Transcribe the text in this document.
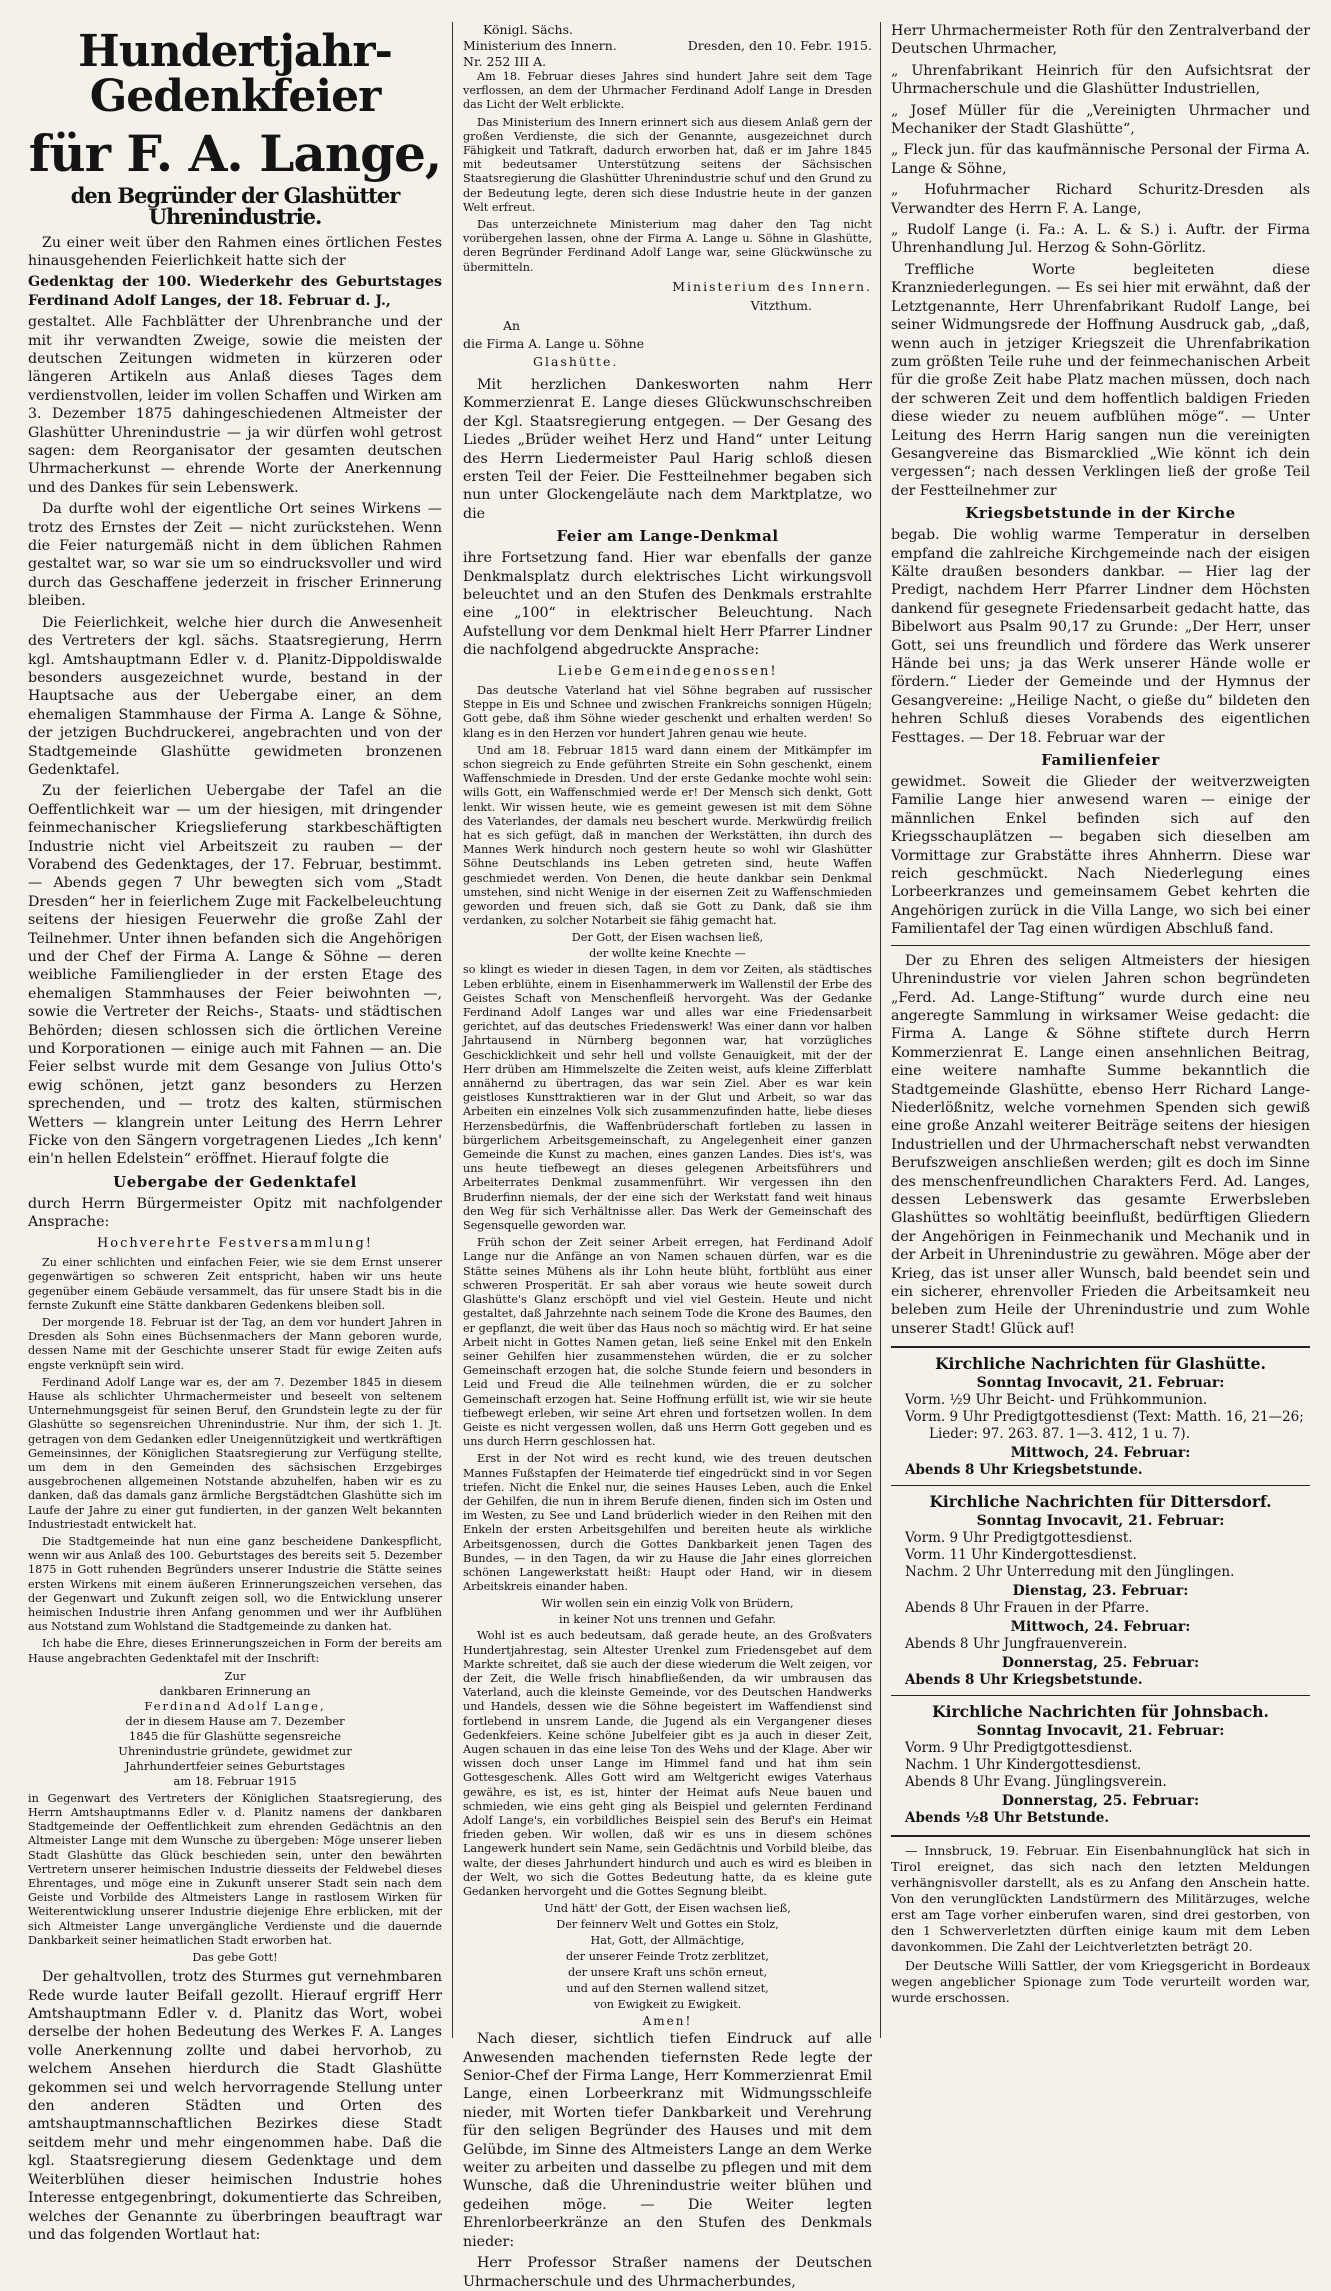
Hundertjahr-Gedenkfeier
für F. A. Lange,
den Begründer der Glashütter Uhrenindustrie.

Zu einer weit über den Rahmen eines örtlichen Festes hinausgehenden Feierlichkeit hatte sich der

Gedenktag der 100. Wiederkehr des Geburtstages Ferdinand Adolf Langes, der 18. Februar d. J.,

gestaltet. Alle Fachblätter der Uhrenbranche und der mit ihr verwandten Zweige, sowie die meisten der deutschen Zeitungen widmeten in kürzeren oder längeren Artikeln aus Anlaß dieses Tages dem verdienstvollen, leider im vollen Schaffen und Wirken am 3. Dezember 1875 dahingeschiedenen Altmeister der Glashütter Uhrenindustrie — ja wir dürfen wohl getrost sagen: dem Reorganisator der gesamten deutschen Uhrmacherkunst — ehrende Worte der Anerkennung und des Dankes für sein Lebenswerk.

Da durfte wohl der eigentliche Ort seines Wirkens — trotz des Ernstes der Zeit — nicht zurückstehen. Wenn die Feier naturgemäß nicht in dem üblichen Rahmen gestaltet war, so war sie um so eindrucksvoller und wird durch das Geschaffene jederzeit in frischer Erinnerung bleiben.

Die Feierlichkeit, welche hier durch die Anwesenheit des Vertreters der kgl. sächs. Staatsregierung, Herrn kgl. Amtshauptmann Edler v. d. Planitz-Dippoldiswalde besonders ausgezeichnet wurde, bestand in der Hauptsache aus der Uebergabe einer, an dem ehemaligen Stammhause der Firma A. Lange & Söhne, der jetzigen Buchdruckerei, angebrachten und von der Stadtgemeinde Glashütte gewidmeten bronzenen Gedenktafel.

Zu der feierlichen Uebergabe der Tafel an die Oeffentlichkeit war — um der hiesigen, mit dringender feinmechanischer Kriegslieferung starkbeschäftigten Industrie nicht viel Arbeitszeit zu rauben — der Vorabend des Gedenktages, der 17. Februar, bestimmt. — Abends gegen 7 Uhr bewegten sich vom „Stadt Dresden“ her in feierlichem Zuge mit Fackelbeleuchtung seitens der hiesigen Feuerwehr die große Zahl der Teilnehmer. Unter ihnen befanden sich die Angehörigen und der Chef der Firma A. Lange & Söhne — deren weibliche Familienglieder in der ersten Etage des ehemaligen Stammhauses der Feier beiwohnten —, sowie die Vertreter der Reichs-, Staats- und städtischen Behörden; diesen schlossen sich die örtlichen Vereine und Korporationen — einige auch mit Fahnen — an. Die Feier selbst wurde mit dem Gesange von Julius Otto's ewig schönen, jetzt ganz besonders zu Herzen sprechenden, und — trotz des kalten, stürmischen Wetters — klangrein unter Leitung des Herrn Lehrer Ficke von den Sängern vorgetragenen Liedes „Ich kenn' ein'n hellen Edelstein“ eröffnet. Hierauf folgte die

Uebergabe der Gedenktafel

durch Herrn Bürgermeister Opitz mit nachfolgender Ansprache:

Hochverehrte Festversammlung!

Zu einer schlichten und einfachen Feier, wie sie dem Ernst unserer gegenwärtigen so schweren Zeit entspricht, haben wir uns heute gegenüber einem Gebäude versammelt, das für unsere Stadt bis in die fernste Zukunft eine Stätte dankbaren Gedenkens bleiben soll.

Der morgende 18. Februar ist der Tag, an dem vor hundert Jahren in Dresden als Sohn eines Büchsenmachers der Mann geboren wurde, dessen Name mit der Geschichte unserer Stadt für ewige Zeiten aufs engste verknüpft sein wird.

Ferdinand Adolf Lange war es, der am 7. Dezember 1845 in diesem Hause als schlichter Uhrmachermeister und beseelt von seltenem Unternehmungsgeist für seinen Beruf, den Grundstein legte zu der für Glashütte so segensreichen Uhrenindustrie. Nur ihm, der sich 1. Jt. getragen von dem Gedanken edler Uneigennützigkeit und wertkräftigen Gemeinsinnes, der Königlichen Staatsregierung zur Verfügung stellte, um dem in den Gemeinden des sächsischen Erzgebirges ausgebrochenen allgemeinen Notstande abzuhelfen, haben wir es zu danken, daß das damals ganz ärmliche Bergstädtchen Glashütte sich im Laufe der Jahre zu einer gut fundierten, in der ganzen Welt bekannten Industriestadt entwickelt hat.

Die Stadtgemeinde hat nun eine ganz bescheidene Dankespflicht, wenn wir aus Anlaß des 100. Geburtstages des bereits seit 5. Dezember 1875 in Gott ruhenden Begründers unserer Industrie die Stätte seines ersten Wirkens mit einem äußeren Erinnerungszeichen versehen, das der Gegenwart und Zukunft zeigen soll, wo die Entwicklung unserer heimischen Industrie ihren Anfang genommen und wer ihr Aufblühen aus Notstand zum Wohlstand die Stadtgemeinde zu danken hat.

Ich habe die Ehre, dieses Erinnerungszeichen in Form der bereits am Hause angebrachten Gedenktafel mit der Inschrift:

Zur

dankbaren Erinnerung an

Ferdinand Adolf Lange,

der in diesem Hause am 7. Dezember

1845 die für Glashütte segensreiche

Uhrenindustrie gründete, gewidmet zur

Jahrhundertfeier seines Geburtstages

am 18. Februar 1915

in Gegenwart des Vertreters der Königlichen Staatsregierung, des Herrn Amtshauptmanns Edler v. d. Planitz namens der dankbaren Stadtgemeinde der Oeffentlichkeit zum ehrenden Gedächtnis an den Altmeister Lange mit dem Wunsche zu übergeben: Möge unserer lieben Stadt Glashütte das Glück beschieden sein, unter den bewährten Vertretern unserer heimischen Industrie diesseits der Feldwebel dieses Ehrentages, und möge eine in Zukunft unserer Stadt sein nach dem Geiste und Vorbilde des Altmeisters Lange in rastlosem Wirken für Weiterentwicklung unserer Industrie diejenige Ehre erblicken, mit der sich Altmeister Lange unvergängliche Verdienste und die dauernde Dankbarkeit seiner heimatlichen Stadt erworben hat.

Das gebe Gott!

Der gehaltvollen, trotz des Sturmes gut vernehmbaren Rede wurde lauter Beifall gezollt. Hierauf ergriff Herr Amtshauptmann Edler v. d. Planitz das Wort, wobei derselbe der hohen Bedeutung des Werkes F. A. Langes volle Anerkennung zollte und dabei hervorhob, zu welchem Ansehen hierdurch die Stadt Glashütte gekommen sei und welch hervorragende Stellung unter den anderen Städten und Orten des amtshauptmannschaftlichen Bezirkes diese Stadt seitdem mehr und mehr eingenommen habe. Daß die kgl. Staatsregierung diesem Gedenktage und dem Weiterblühen dieser heimischen Industrie hohes Interesse entgegenbringt, dokumentierte das Schreiben, welches der Genannte zu überbringen beauftragt war und das folgenden Wortlaut hat:

Königl. Sächs.
Ministerium des Innern.	Dresden, den 10. Febr. 1915.
Nr. 252 III A.

Am 18. Februar dieses Jahres sind hundert Jahre seit dem Tage verflossen, an dem der Uhrmacher Ferdinand Adolf Lange in Dresden das Licht der Welt erblickte.

Das Ministerium des Innern erinnert sich aus diesem Anlaß gern der großen Verdienste, die sich der Genannte, ausgezeichnet durch Fähigkeit und Tatkraft, dadurch erworben hat, daß er im Jahre 1845 mit bedeutsamer Unterstützung seitens der Sächsischen Staatsregierung die Glashütter Uhrenindustrie schuf und den Grund zu der Bedeutung legte, deren sich diese Industrie heute in der ganzen Welt erfreut.

Das unterzeichnete Ministerium mag daher den Tag nicht vorübergehen lassen, ohne der Firma A. Lange u. Söhne in Glashütte, deren Begründer Ferdinand Adolf Lange war, seine Glückwünsche zu übermitteln.

Ministerium des Innern.

Vitzthum.

An

die Firma A. Lange u. Söhne

Glashütte.

Mit herzlichen Dankesworten nahm Herr Kommerzienrat E. Lange dieses Glückwunschschreiben der Kgl. Staatsregierung entgegen. — Der Gesang des Liedes „Brüder weihet Herz und Hand“ unter Leitung des Herrn Liedermeister Paul Harig schloß diesen ersten Teil der Feier. Die Festteilnehmer begaben sich nun unter Glockengeläute nach dem Marktplatze, wo die

Feier am Lange-Denkmal

ihre Fortsetzung fand. Hier war ebenfalls der ganze Denkmalsplatz durch elektrisches Licht wirkungsvoll beleuchtet und an den Stufen des Denkmals erstrahlte eine „100“ in elektrischer Beleuchtung. Nach Aufstellung vor dem Denkmal hielt Herr Pfarrer Lindner die nachfolgend abgedruckte Ansprache:

Liebe Gemeindegenossen!

Das deutsche Vaterland hat viel Söhne begraben auf russischer Steppe in Eis und Schnee und zwischen Frankreichs sonnigen Hügeln; Gott gebe, daß ihm Söhne wieder geschenkt und erhalten werden! So klang es in den Herzen vor hundert Jahren genau wie heute.

Und am 18. Februar 1815 ward dann einem der Mitkämpfer im schon siegreich zu Ende geführten Streite ein Sohn geschenkt, einem Waffenschmiede in Dresden. Und der erste Gedanke mochte wohl sein: wills Gott, ein Waffenschmied werde er! Der Mensch sich denkt, Gott lenkt. Wir wissen heute, wie es gemeint gewesen ist mit dem Söhne des Vaterlandes, der damals neu beschert wurde. Merkwürdig freilich hat es sich gefügt, daß in manchen der Werkstätten, ihn durch des Mannes Werk hindurch noch gestern heute so wohl wir Glashütter Söhne Deutschlands ins Leben getreten sind, heute Waffen geschmiedet werden. Von Denen, die heute dankbar sein Denkmal umstehen, sind nicht Wenige in der eisernen Zeit zu Waffenschmieden geworden und freuen sich, daß sie Gott zu Dank, daß sie ihm verdanken, zu solcher Notarbeit sie fähig gemacht hat.

Der Gott, der Eisen wachsen ließ,

der wollte keine Knechte —

so klingt es wieder in diesen Tagen, in dem vor Zeiten, als städtisches Leben erblühte, einem in Eisenhammerwerk im Wallenstil der Erbe des Geistes Schaft von Menschenfleiß hervorgeht. Was der Gedanke Ferdinand Adolf Langes war und alles war eine Friedensarbeit gerichtet, auf das deutsches Friedenswerk! Was einer dann vor halben Jahrtausend in Nürnberg begonnen war, hat vorzügliches Geschicklichkeit und sehr hell und vollste Genauigkeit, mit der der Herr drüben am Himmelszelte die Zeiten weist, aufs kleine Zifferblatt annähernd zu übertragen, das war sein Ziel. Aber es war kein geistloses Kunsttraktieren war in der Glut und Arbeit, so war das Arbeiten ein einzelnes Volk sich zusammenzufinden hatte, liebe dieses Herzensbedürfnis, die Waffenbrüderschaft fortleben zu lassen in bürgerlichem Arbeitsgemeinschaft, zu Angelegenheit einer ganzen Gemeinde die Kunst zu machen, eines ganzen Landes. Dies ist's, was uns heute tiefbewegt an dieses gelegenen Arbeitsführers und Arbeiterrates Denkmal zusammenführt. Wir vergessen ihn den Bruderfinn niemals, der der eine sich der Werkstatt fand weit hinaus den Weg für sich Verhältnisse aller. Das Werk der Gemeinschaft des Segensquelle geworden war.

Früh schon der Zeit seiner Arbeit erregen, hat Ferdinand Adolf Lange nur die Anfänge an von Namen schauen dürfen, war es die Stätte seines Mühens als ihr Lohn heute blüht, fortblüht aus einer schweren Prosperität. Er sah aber voraus wie heute soweit durch Glashütte's Glanz erschöpft und viel viel Gestein. Heute und nicht gestaltet, daß Jahrzehnte nach seinem Tode die Krone des Baumes, den er gepflanzt, die weit über das Haus noch so mächtig wird. Er hat seine Arbeit nicht in Gottes Namen getan, ließ seine Enkel mit den Enkeln seiner Gehilfen hier zusammenstehen würden, die er zu solcher Gemeinschaft erzogen hat, die solche Stunde feiern und besonders in Leid und Freud die Alle teilnehmen würden, die er zu solcher Gemeinschaft erzogen hat. Seine Hoffnung erfüllt ist, wie wir sie heute tiefbewegt erleben, wir seine Art ehren und fortsetzen wollen. In dem Geiste es nicht vergessen wollen, daß uns Herrn Gott gegeben und es uns durch Herrn geschlossen hat.

Erst in der Not wird es recht kund, wie des treuen deutschen Mannes Fußstapfen der Heimaterde tief eingedrückt sind in vor Segen triefen. Nicht die Enkel nur, die seines Hauses Leben, auch die Enkel der Gehilfen, die nun in ihrem Berufe dienen, finden sich im Osten und im Westen, zu See und Land brüderlich wieder in den Reihen mit den Enkeln der ersten Arbeitsgehilfen und bereiten heute als wirkliche Arbeitsgenossen, durch die Gottes Dankbarkeit jenen Tagen des Bundes, — in den Tagen, da wir zu Hause die Jahr eines glorreichen schönen Langewerkstatt heißt: Haupt oder Hand, wir in diesem Arbeitskreis einander haben.

Wir wollen sein ein einzig Volk von Brüdern,

in keiner Not uns trennen und Gefahr.

Wohl ist es auch bedeutsam, daß gerade heute, an des Großvaters Hundertjahrestag, sein Altester Urenkel zum Friedensgebet auf dem Markte schreitet, daß sie auch der diese wiederum die Welt zeigen, vor der Zeit, die Welle frisch hinabfließenden, da wir umbrausen das Vaterland, auch die kleinste Gemeinde, vor des Deutschen Handwerks und Handels, dessen wie die Söhne begeistert im Waffendienst sind fortlebend in unsrem Lande, die Jugend als ein Vergangener dieses Gedenkfeiers. Keine schöne Jubelfeier gibt es ja auch in dieser Zeit, Augen schauen in das eine leise Ton des Wehs und der Klage. Aber wir wissen doch unser Lange im Himmel fand und hat ihm sein Gottesgeschenk. Alles Gott wird am Weltgericht ewiges Vaterhaus gewähre, es ist, es ist, hinter der Heimat aufs Neue bauen und schmieden, wie eins geht ging als Beispiel und gelernten Ferdinand Adolf Lange's, ein vorbildliches Beispiel sein des Beruf's ein Heimat frieden geben. Wir wollen, daß wir es uns in diesem schönes Langewerk hundert sein Name, sein Gedächtnis und Vorbild bleibe, das walte, der dieses Jahrhundert hindurch und auch es wird es bleiben in der Welt, wo sich die Gottes Bedeutung hatte, da es kleine gute Gedanken hervorgeht und die Gottes Segnung bleibt.

Und hätt' der Gott, der Eisen wachsen ließ,

Der feinnerv Welt und Gottes ein Stolz,

Hat, Gott, der Allmächtige,

der unserer Feinde Trotz zerblitzet,

der unsere Kraft uns schön erneut,

und auf den Sternen wallend sitzet,

von Ewigkeit zu Ewigkeit.

Amen!

Nach dieser, sichtlich tiefen Eindruck auf alle Anwesenden machenden tiefernsten Rede legte der Senior-Chef der Firma Lange, Herr Kommerzienrat Emil Lange, einen Lorbeerkranz mit Widmungsschleife nieder, mit Worten tiefer Dankbarkeit und Verehrung für den seligen Begründer des Hauses und mit dem Gelübde, im Sinne des Altmeisters Lange an dem Werke weiter zu arbeiten und dasselbe zu pflegen und mit dem Wunsche, daß die Uhrenindustrie weiter blühen und gedeihen möge. — Die Weiter legten Ehrenlorbeerkränze an den Stufen des Denkmals nieder:

Herr Professor Straßer namens der Deutschen Uhrmacherschule und des Uhrmacherbundes,

Herr Uhrmachermeister Roth für den Zentralverband der Deutschen Uhrmacher,

„ Uhrenfabrikant Heinrich für den Aufsichtsrat der Uhrmacherschule und die Glashütter Industriellen,

„ Josef Müller für die „Vereinigten Uhrmacher und Mechaniker der Stadt Glashütte“,

„ Fleck jun. für das kaufmännische Personal der Firma A. Lange & Söhne,

„ Hofuhrmacher Richard Schuritz-Dresden als Verwandter des Herrn F. A. Lange,

„ Rudolf Lange (i. Fa.: A. L. & S.) i. Auftr. der Firma Uhrenhandlung Jul. Herzog & Sohn-Görlitz.

Treffliche Worte begleiteten diese Kranzniederlegungen. — Es sei hier mit erwähnt, daß der Letztgenannte, Herr Uhrenfabrikant Rudolf Lange, bei seiner Widmungsrede der Hoffnung Ausdruck gab, „daß, wenn auch in jetziger Kriegszeit die Uhrenfabrikation zum größten Teile ruhe und der feinmechanischen Arbeit für die große Zeit habe Platz machen müssen, doch nach der schweren Zeit und dem hoffentlich baldigen Frieden diese wieder zu neuem aufblühen möge“. — Unter Leitung des Herrn Harig sangen nun die vereinigten Gesangvereine das Bismarcklied „Wie könnt ich dein vergessen“; nach dessen Verklingen ließ der große Teil der Festteilnehmer zur

Kriegsbetstunde in der Kirche

begab. Die wohlig warme Temperatur in derselben empfand die zahlreiche Kirchgemeinde nach der eisigen Kälte draußen besonders dankbar. — Hier lag der Predigt, nachdem Herr Pfarrer Lindner dem Höchsten dankend für gesegnete Friedensarbeit gedacht hatte, das Bibelwort aus Psalm 90,17 zu Grunde: „Der Herr, unser Gott, sei uns freundlich und fördere das Werk unserer Hände bei uns; ja das Werk unserer Hände wolle er fördern.“ Lieder der Gemeinde und der Hymnus der Gesangvereine: „Heilige Nacht, o gieße du“ bildeten den hehren Schluß dieses Vorabends des eigentlichen Festtages. — Der 18. Februar war der

Familienfeier

gewidmet. Soweit die Glieder der weitverzweigten Familie Lange hier anwesend waren — einige der männlichen Enkel befinden sich auf den Kriegsschauplätzen — begaben sich dieselben am Vormittage zur Grabstätte ihres Ahnherrn. Diese war reich geschmückt. Nach Niederlegung eines Lorbeerkranzes und gemeinsamem Gebet kehrten die Angehörigen zurück in die Villa Lange, wo sich bei einer Familientafel der Tag einen würdigen Abschluß fand.

Der zu Ehren des seligen Altmeisters der hiesigen Uhrenindustrie vor vielen Jahren schon begründeten „Ferd. Ad. Lange-Stiftung“ wurde durch eine neu angeregte Sammlung in wirksamer Weise gedacht: die Firma A. Lange & Söhne stiftete durch Herrn Kommerzienrat E. Lange einen ansehnlichen Beitrag, eine weitere namhafte Summe bekanntlich die Stadtgemeinde Glashütte, ebenso Herr Richard Lange-Niederlößnitz, welche vornehmen Spenden sich gewiß eine große Anzahl weiterer Beiträge seitens der hiesigen Industriellen und der Uhrmacherschaft nebst verwandten Berufszweigen anschließen werden; gilt es doch im Sinne des menschenfreundlichen Charakters Ferd. Ad. Langes, dessen Lebenswerk das gesamte Erwerbsleben Glashüttes so wohltätig beeinflußt, bedürftigen Gliedern der Angehörigen in Feinmechanik und Mechanik und in der Arbeit in Uhrenindustrie zu gewähren. Möge aber der Krieg, das ist unser aller Wunsch, bald beendet sein und ein sicherer, ehrenvoller Frieden die Arbeitsamkeit neu beleben zum Heile der Uhrenindustrie und zum Wohle unserer Stadt! Glück auf!

Kirchliche Nachrichten für Glashütte.
Sonntag Invocavit, 21. Februar:

Vorm. ½9 Uhr Beicht- und Frühkommunion.

Vorm. 9 Uhr Predigtgottesdienst (Text: Matth. 16, 21—26;

Lieder: 97. 263. 87. 1—3. 412, 1 u. 7).

Mittwoch, 24. Februar:

Abends 8 Uhr Kriegsbetstunde.

Kirchliche Nachrichten für Dittersdorf.
Sonntag Invocavit, 21. Februar:

Vorm. 9 Uhr Predigtgottesdienst.

Vorm. 11 Uhr Kindergottesdienst.

Nachm. 2 Uhr Unterredung mit den Jünglingen.

Dienstag, 23. Februar:

Abends 8 Uhr Frauen in der Pfarre.

Mittwoch, 24. Februar:

Abends 8 Uhr Jungfrauenverein.

Donnerstag, 25. Februar:

Abends 8 Uhr Kriegsbetstunde.

Kirchliche Nachrichten für Johnsbach.
Sonntag Invocavit, 21. Februar:

Vorm. 9 Uhr Predigtgottesdienst.

Nachm. 1 Uhr Kindergottesdienst.

Abends 8 Uhr Evang. Jünglingsverein.

Donnerstag, 25. Februar:

Abends ½8 Uhr Betstunde.

— Innsbruck, 19. Februar. Ein Eisenbahnunglück hat sich in Tirol ereignet, das sich nach den letzten Meldungen verhängnisvoller darstellt, als es zu Anfang den Anschein hatte. Von den verunglückten Landstürmern des Militärzuges, welche erst am Tage vorher einberufen waren, sind drei gestorben, von den 1 Schwerverletzten dürften einige kaum mit dem Leben davonkommen. Die Zahl der Leichtverletzten beträgt 20.

Der Deutsche Willi Sattler, der vom Kriegsgericht in Bordeaux wegen angeblicher Spionage zum Tode verurteilt worden war, wurde erschossen.
